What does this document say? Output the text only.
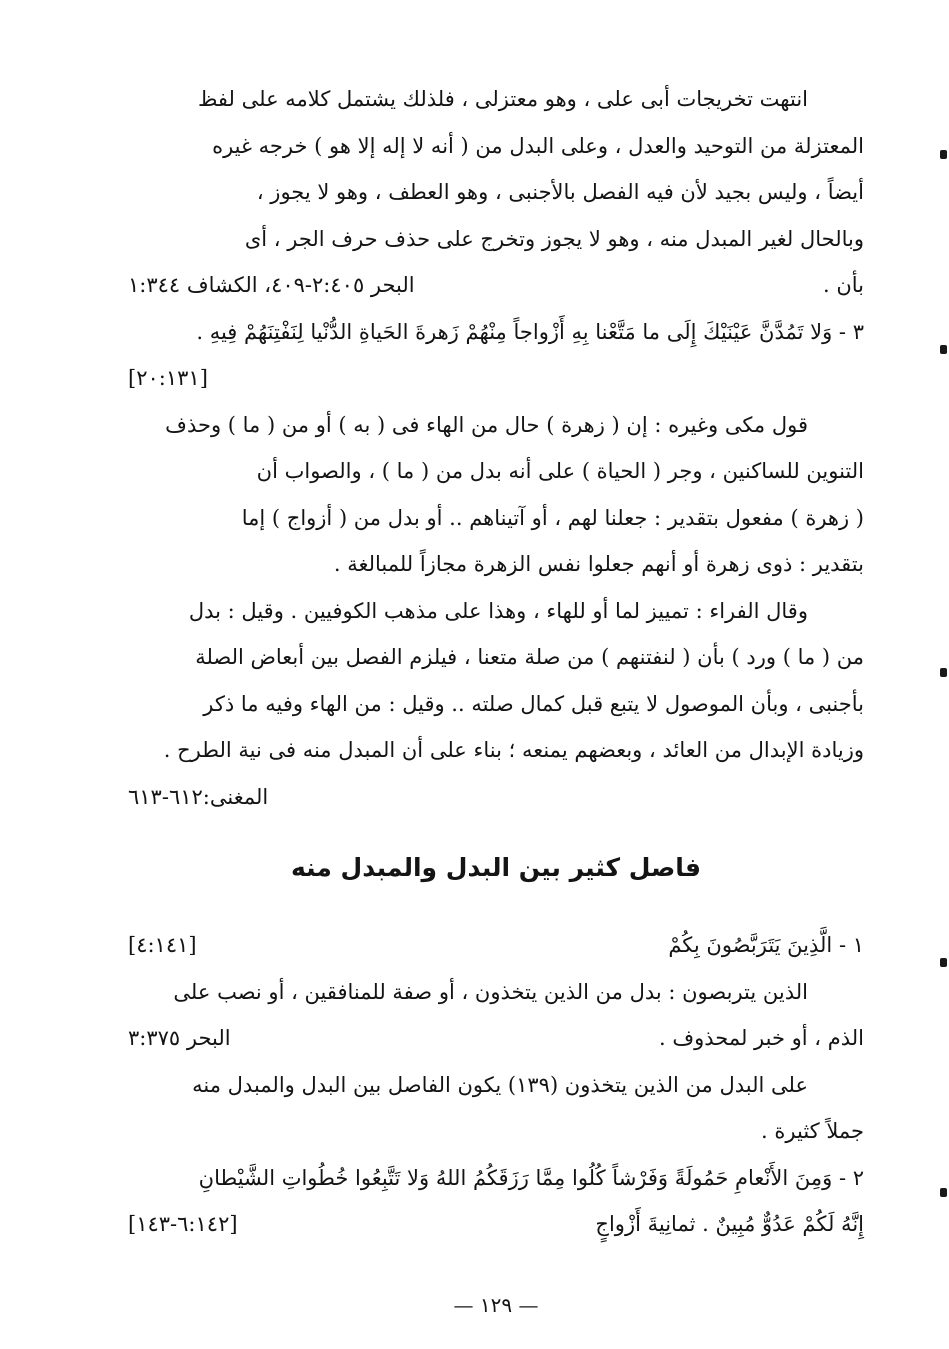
انتهت تخريجات أبى على ، وهو معتزلى ، فلذلك يشتمل كلامه على لفظ
المعتزلة من التوحيد والعدل ، وعلى البدل من ( أنه لا إله إلا هو ) خرجه غيره
أيضاً ، وليس بجيد لأن فيه الفصل بالأجنبى ، وهو العطف ، وهو لا يجوز ،
وبالحال لغير المبدل منه ، وهو لا يجوز وتخرج على حذف حرف الجر ، أى
بأن .
البحر ٢:٤٠٥-٤٠٩، الكشاف ١:٣٤٤
٣ - وَلا تَمُدَّنَّ عَيْنَيْكَ إِلَى ما مَتَّعْنا بِهِ أَزْواجاً مِنْهُمْ زَهرةَ الحَياةِ الدُّنْيا لِنَفْتِنَهُمْ فِيهِ .
[٢٠:١٣١]
قول مكى وغيره : إن ( زهرة ) حال من الهاء فى ( به ) أو من ( ما ) وحذف
التنوين للساكنين ، وجر ( الحياة ) على أنه بدل من ( ما ) ، والصواب أن
( زهرة ) مفعول بتقدير : جعلنا لهم ، أو آتيناهم .. أو بدل من ( أزواج ) إما
بتقدير : ذوى زهرة أو أنهم جعلوا نفس الزهرة مجازاً للمبالغة .
وقال الفراء : تمييز لما أو للهاء ، وهذا على مذهب الكوفيين . وقيل : بدل
من ( ما ) ورد ) بأن ( لنفتنهم ) من صلة متعنا ، فيلزم الفصل بين أبعاض الصلة
بأجنبى ، وبأن الموصول لا يتبع قبل كمال صلته .. وقيل : من الهاء وفيه ما ذكر
وزيادة الإبدال من العائد ، وبعضهم يمنعه ؛ بناء على أن المبدل منه فى نية الطرح .
المغنى:٦١٢-٦١٣
فاصل كثير بين البدل والمبدل منه
١ - الَّذِينَ يَتَرَبَّصُونَ بِكُمْ
[٤:١٤١]
الذين يتربصون : بدل من الذين يتخذون ، أو صفة للمنافقين ، أو نصب على
الذم ، أو خبر لمحذوف .
البحر ٣:٣٧٥
على البدل من الذين يتخذون (١٣٩) يكون الفاصل بين البدل والمبدل منه
جملاً كثيرة .
٢ - وَمِنَ الأَنْعامِ حَمُولَةً وَفَرْشاً كُلُوا مِمَّا رَزَقَكُمُ اللهُ وَلا تَتَّبِعُوا خُطُواتِ الشَّيْطانِ
إِنَّهُ لَكُمْ عَدُوٌّ مُبِينٌ . ثمانِيةَ أَزْواجٍ
[٦:١٤٢-١٤٣]
— ١٢٩ —
